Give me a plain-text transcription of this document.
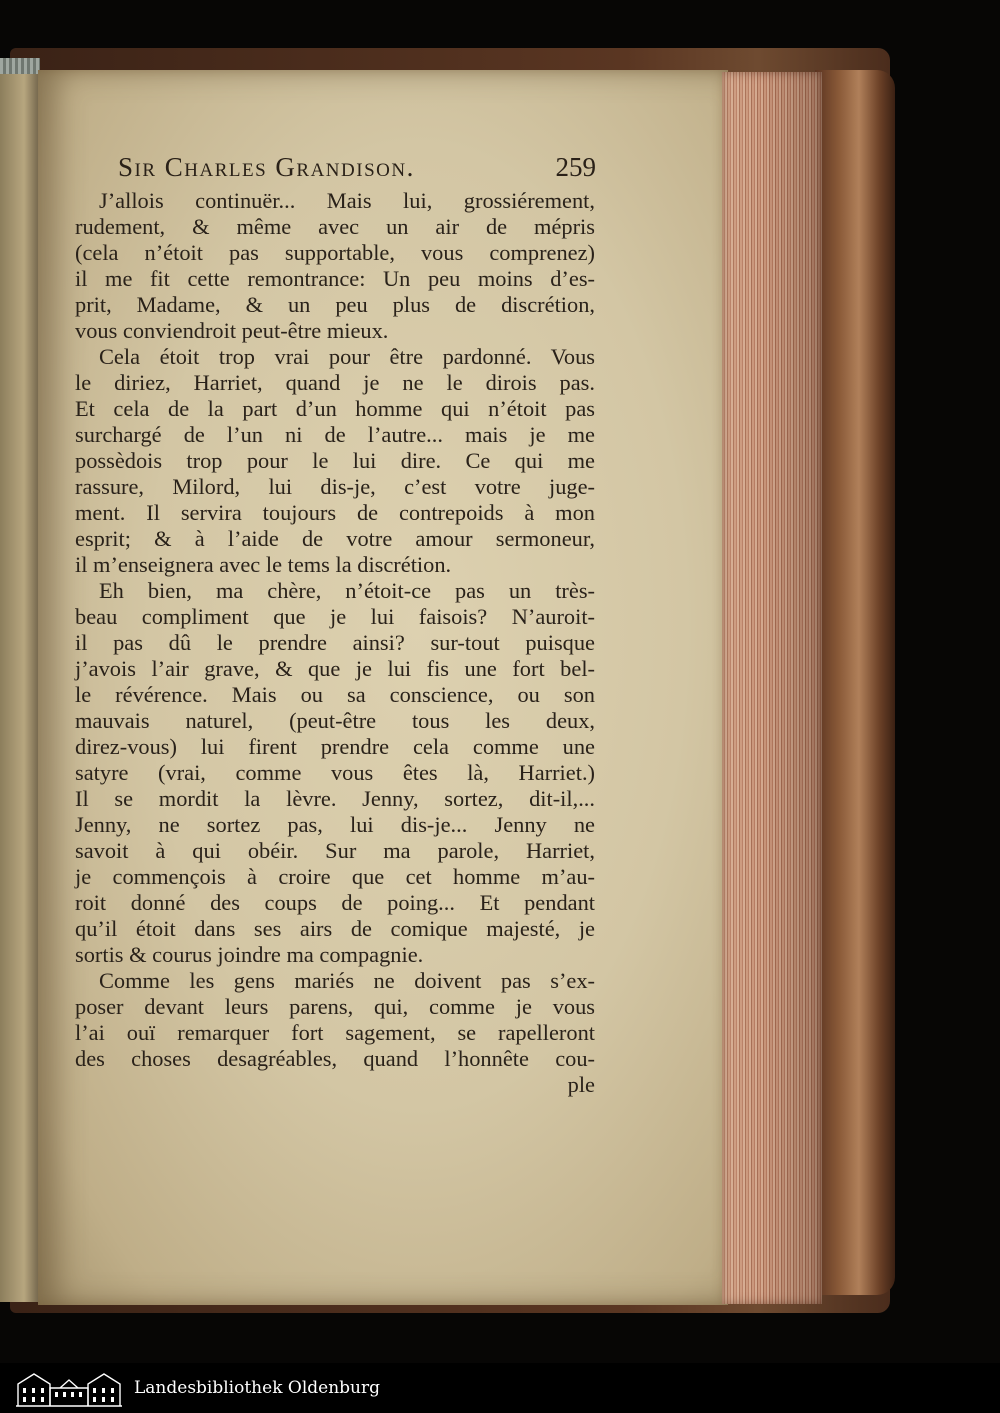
Sir Charles Grandison.	259
J’allois continuër... Mais lui, grossiérement,
rudement, & même avec un air de mépris
(cela n’étoit pas supportable, vous comprenez)
il me fit cette remontrance: Un peu moins d’es-
prit, Madame, & un peu plus de discrétion,
vous conviendroit peut-être mieux.
Cela étoit trop vrai pour être pardonné. Vous
le diriez, Harriet, quand je ne le dirois pas.
Et cela de la part d’un homme qui n’étoit pas
surchargé de l’un ni de l’autre... mais je me
possèdois trop pour le lui dire. Ce qui me
rassure, Milord, lui dis-je, c’est votre juge-
ment. Il servira toujours de contrepoids à mon
esprit; & à l’aide de votre amour sermoneur,
il m’enseignera avec le tems la discrétion.
Eh bien, ma chère, n’étoit-ce pas un très-
beau compliment que je lui faisois? N’auroit-
il pas dû le prendre ainsi? sur-tout puisque
j’avois l’air grave, & que je lui fis une fort bel-
le révérence. Mais ou sa conscience, ou son
mauvais naturel, (peut-être tous les deux,
direz-vous) lui firent prendre cela comme une
satyre (vrai, comme vous êtes là, Harriet.)
Il se mordit la lèvre. Jenny, sortez, dit-il,...
Jenny, ne sortez pas, lui dis-je... Jenny ne
savoit à qui obéir. Sur ma parole, Harriet,
je commençois à croire que cet homme m’au-
roit donné des coups de poing... Et pendant
qu’il étoit dans ses airs de comique majesté, je
sortis & courus joindre ma compagnie.
Comme les gens mariés ne doivent pas s’ex-
poser devant leurs parens, qui, comme je vous
l’ai ouï remarquer fort sagement, se rapelleront
des choses desagréables, quand l’honnête cou-
ple
Landesbibliothek Oldenburg
